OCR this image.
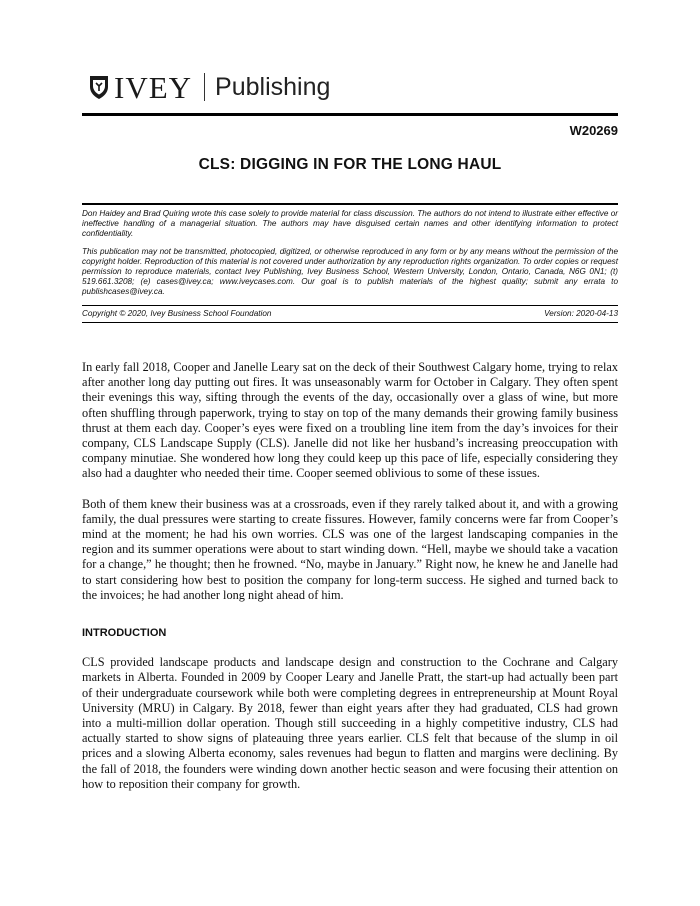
IVEY Publishing
W20269
CLS: DIGGING IN FOR THE LONG HAUL

Don Haidey and Brad Quiring wrote this case solely to provide material for class discussion. The authors do not intend to illustrate either effective or ineffective handling of a managerial situation. The authors may have disguised certain names and other identifying information to protect confidentiality.

This publication may not be transmitted, photocopied, digitized, or otherwise reproduced in any form or by any means without the permission of the copyright holder. Reproduction of this material is not covered under authorization by any reproduction rights organization. To order copies or request permission to reproduce materials, contact Ivey Publishing, Ivey Business School, Western University, London, Ontario, Canada, N6G 0N1; (t) 519.661.3208; (e) cases@ivey.ca; www.iveycases.com. Our goal is to publish materials of the highest quality; submit any errata to publishcases@ivey.ca.

Copyright © 2020, Ivey Business School Foundation	Version: 2020-04-13

In early fall 2018, Cooper and Janelle Leary sat on the deck of their Southwest Calgary home, trying to relax after another long day putting out fires. It was unseasonably warm for October in Calgary. They often spent their evenings this way, sifting through the events of the day, occasionally over a glass of wine, but more often shuffling through paperwork, trying to stay on top of the many demands their growing family business thrust at them each day. Cooper’s eyes were fixed on a troubling line item from the day’s invoices for their company, CLS Landscape Supply (CLS). Janelle did not like her husband’s increasing preoccupation with company minutiae. She wondered how long they could keep up this pace of life, especially considering they also had a daughter who needed their time. Cooper seemed oblivious to some of these issues.

Both of them knew their business was at a crossroads, even if they rarely talked about it, and with a growing family, the dual pressures were starting to create fissures. However, family concerns were far from Cooper’s mind at the moment; he had his own worries. CLS was one of the largest landscaping companies in the region and its summer operations were about to start winding down. “Hell, maybe we should take a vacation for a change,” he thought; then he frowned. “No, maybe in January.” Right now, he knew he and Janelle had to start considering how best to position the company for long-term success. He sighed and turned back to the invoices; he had another long night ahead of him.

INTRODUCTION

CLS provided landscape products and landscape design and construction to the Cochrane and Calgary markets in Alberta. Founded in 2009 by Cooper Leary and Janelle Pratt, the start-up had actually been part of their undergraduate coursework while both were completing degrees in entrepreneurship at Mount Royal University (MRU) in Calgary. By 2018, fewer than eight years after they had graduated, CLS had grown into a multi-million dollar operation. Though still succeeding in a highly competitive industry, CLS had actually started to show signs of plateauing three years earlier. CLS felt that because of the slump in oil prices and a slowing Alberta economy, sales revenues had begun to flatten and margins were declining. By the fall of 2018, the founders were winding down another hectic season and were focusing their attention on how to reposition their company for growth.
